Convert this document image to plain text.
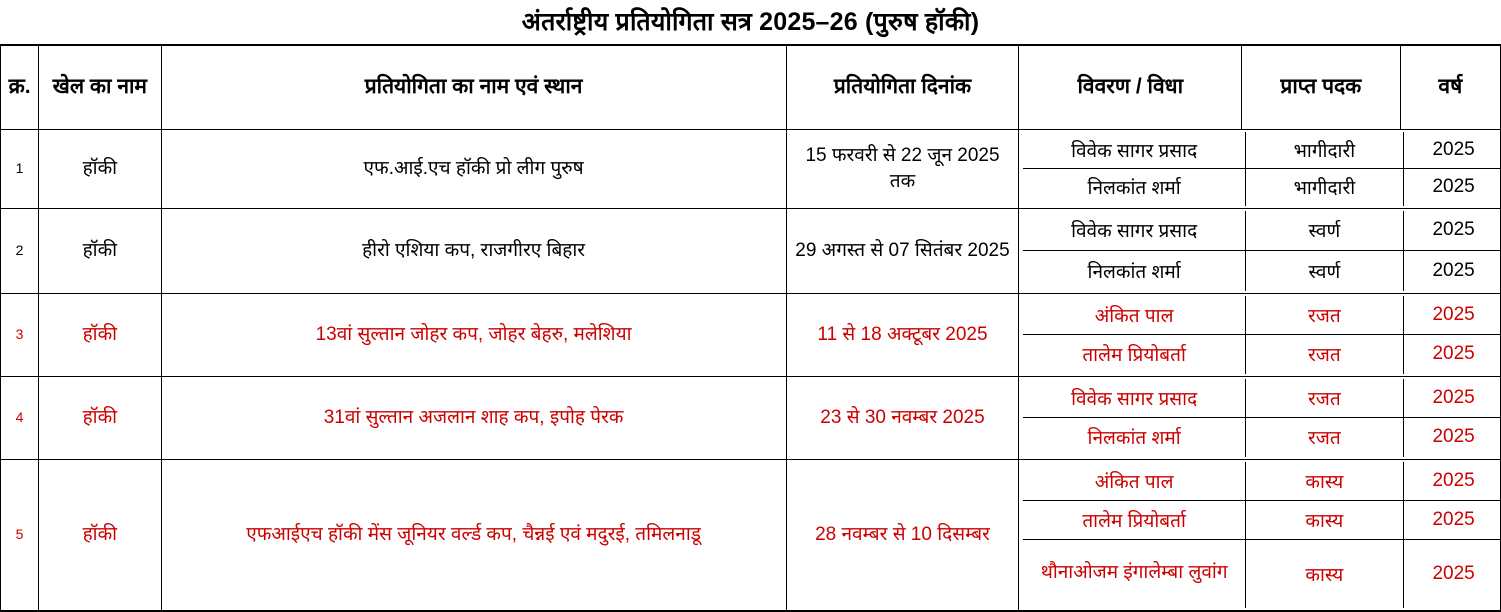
अंतर्राष्ट्रीय प्रतियोगिता सत्र 2025–26 (पुरुष हॉकी)
क्र.	खेल का नाम	प्रतियोगिता का नाम एवं स्थान	प्रतियोगिता दिनांक	विवरण / विधा	प्राप्त पदक	वर्ष
1	हॉकी	एफ.आई.एच हॉकी प्रो लीग पुरुष	15 फरवरी से 22 जून 2025 तक	
विवेक सागर प्रसाद	भागीदारी	2025
निलकांत शर्मा	भागीदारी	2025

2	हॉकी	हीरो एशिया कप, राजगीरए बिहार	29 अगस्त से 07 सितंबर 2025	
विवेक सागर प्रसाद	स्वर्ण	2025
निलकांत शर्मा	स्वर्ण	2025

3	हॉकी	13वां सुल्तान जोहर कप, जोहर बेहरु, मलेशिया	11 से 18 अक्टूबर 2025	
अंकित पाल	रजत	2025
तालेम प्रियोबर्ता	रजत	2025

4	हॉकी	31वां सुल्तान अजलान शाह कप, इपोह पेरक	23 से 30 नवम्बर 2025	
विवेक सागर प्रसाद	रजत	2025
निलकांत शर्मा	रजत	2025

5	हॉकी	एफआईएच हॉकी मेंस जूनियर वर्ल्ड कप, चैन्नई एवं मदुरई, तमिलनाडू	28 नवम्बर से 10 दिसम्बर	
अंकित पाल	कास्य	2025
तालेम प्रियोबर्ता	कास्य	2025
थौनाओजम इंगालेम्बा लुवांग	कास्य	2025
